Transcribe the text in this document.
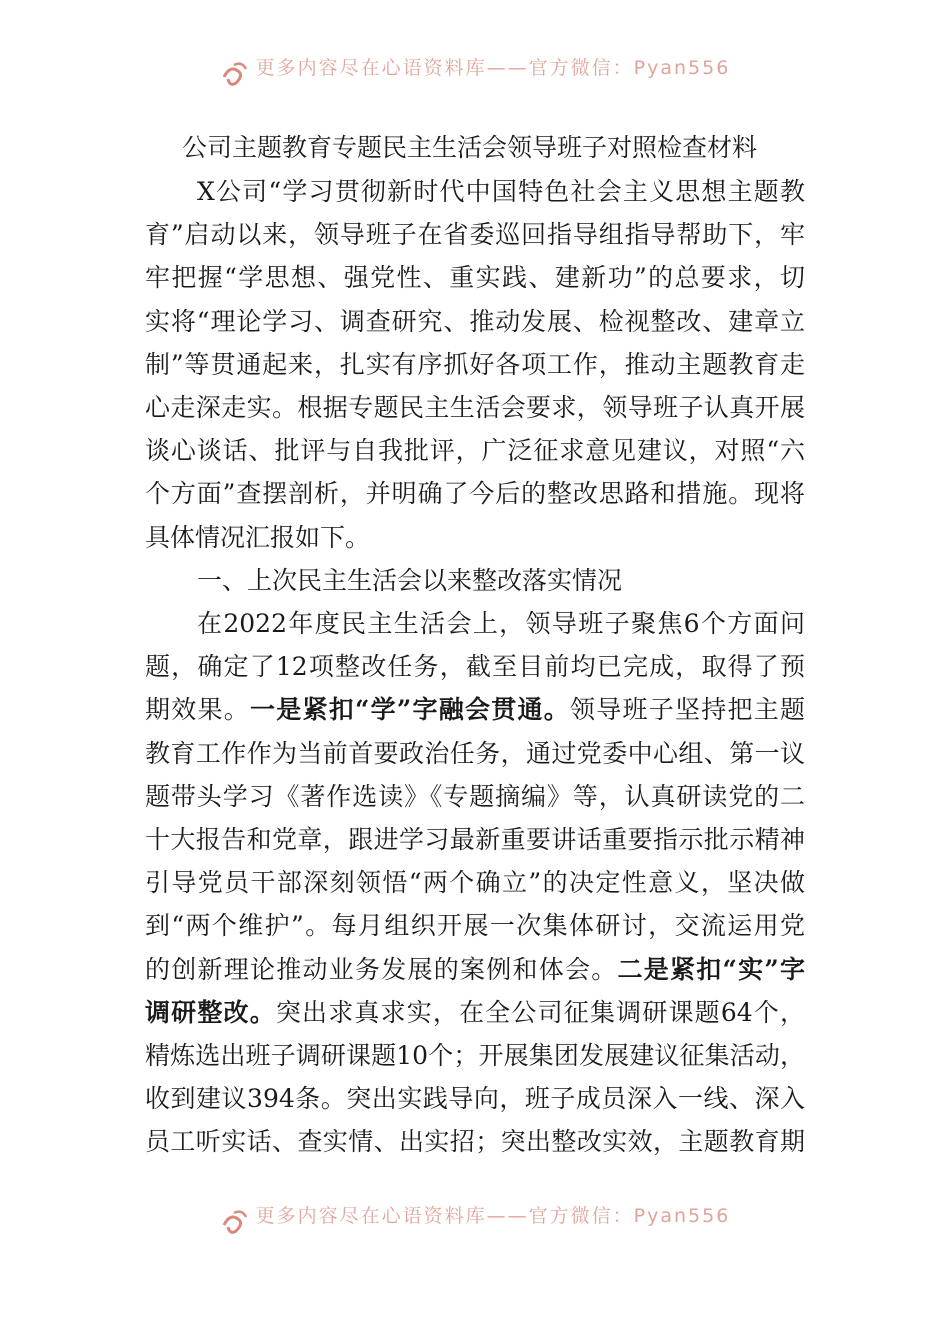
更多内容尽在心语资料库——官方微信：Pyan556
公司主题教育专题民主生活会领导班子对照检查材料
X公司“学习贯彻新时代中国特色社会主义思想主题教
育”启动以来，领导班子在省委巡回指导组指导帮助下，牢
牢把握“学思想、强党性、重实践、建新功”的总要求，切
实将“理论学习、调查研究、推动发展、检视整改、建章立
制”等贯通起来，扎实有序抓好各项工作，推动主题教育走
心走深走实。根据专题民主生活会要求，领导班子认真开展
谈心谈话、批评与自我批评，广泛征求意见建议，对照“六
个方面”查摆剖析，并明确了今后的整改思路和措施。现将
具体情况汇报如下。
一、上次民主生活会以来整改落实情况
在2022年度民主生活会上，领导班子聚焦6个方面问
题，确定了12项整改任务，截至目前均已完成，取得了预
期效果。一是紧扣“学”字融会贯通。领导班子坚持把主题
教育工作作为当前首要政治任务，通过党委中心组、第一议
题带头学习《著作选读》《专题摘编》等，认真研读党的二
十大报告和党章，跟进学习最新重要讲话重要指示批示精神
引导党员干部深刻领悟“两个确立”的决定性意义，坚决做
到“两个维护”。每月组织开展一次集体研讨，交流运用党
的创新理论推动业务发展的案例和体会。二是紧扣“实”字
调研整改。突出求真求实，在全公司征集调研课题64个，
精炼选出班子调研课题10个；开展集团发展建议征集活动，
收到建议394条。突出实践导向，班子成员深入一线、深入
员工听实话、查实情、出实招；突出整改实效，主题教育期
更多内容尽在心语资料库——官方微信：Pyan556
